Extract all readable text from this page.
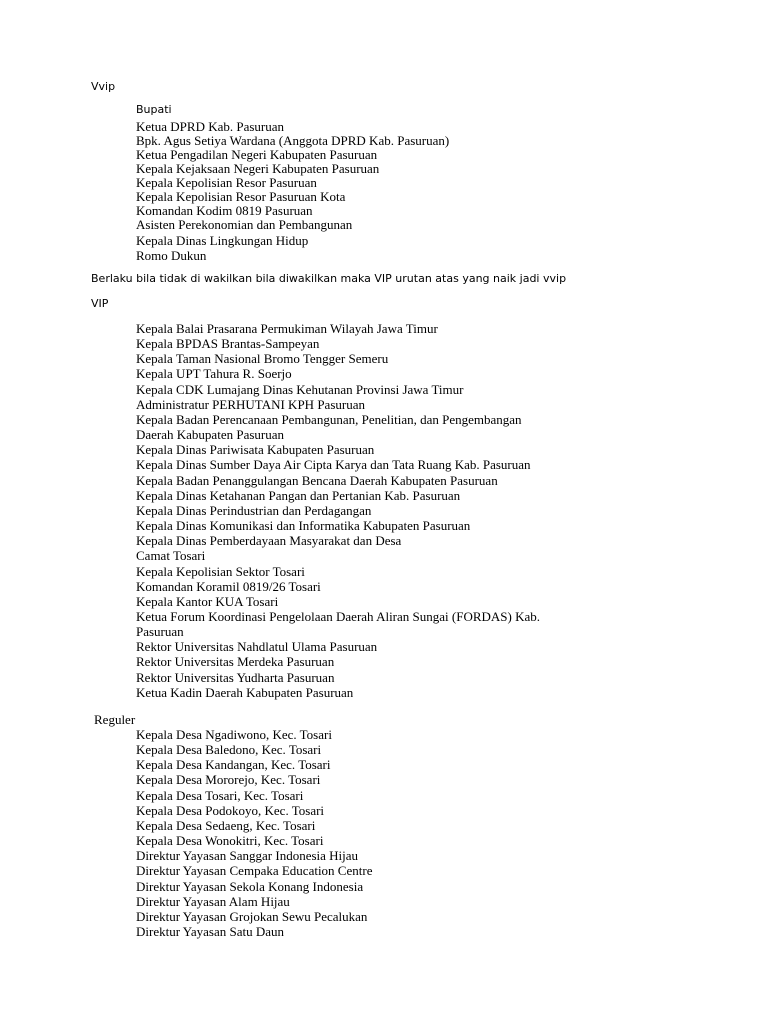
Vvip
Bupati
Ketua DPRD Kab. Pasuruan
Bpk. Agus Setiya Wardana (Anggota DPRD Kab. Pasuruan)
Ketua Pengadilan Negeri Kabupaten Pasuruan
Kepala Kejaksaan Negeri Kabupaten Pasuruan
Kepala Kepolisian Resor Pasuruan
Kepala Kepolisian Resor Pasuruan Kota
Komandan Kodim 0819 Pasuruan
Asisten Perekonomian dan Pembangunan
Kepala Dinas Lingkungan Hidup
Romo Dukun
Berlaku bila tidak di wakilkan bila diwakilkan maka VIP urutan atas yang naik jadi vvip
VIP
Kepala Balai Prasarana Permukiman Wilayah Jawa Timur
Kepala BPDAS Brantas-Sampeyan
Kepala Taman Nasional Bromo Tengger Semeru
Kepala UPT Tahura R. Soerjo
Kepala CDK Lumajang Dinas Kehutanan Provinsi Jawa Timur
Administratur PERHUTANI KPH Pasuruan
Kepala Badan Perencanaan Pembangunan, Penelitian, dan Pengembangan
Daerah Kabupaten Pasuruan
Kepala Dinas Pariwisata Kabupaten Pasuruan
Kepala Dinas Sumber Daya Air Cipta Karya dan Tata Ruang Kab. Pasuruan
Kepala Badan Penanggulangan Bencana Daerah Kabupaten Pasuruan
Kepala Dinas Ketahanan Pangan dan Pertanian Kab. Pasuruan
Kepala Dinas Perindustrian dan Perdagangan
Kepala Dinas Komunikasi dan Informatika Kabupaten Pasuruan
Kepala Dinas Pemberdayaan Masyarakat dan Desa
Camat Tosari
Kepala Kepolisian Sektor Tosari
Komandan Koramil 0819/26 Tosari
Kepala Kantor KUA Tosari
Ketua Forum Koordinasi Pengelolaan Daerah Aliran Sungai (FORDAS) Kab.
Pasuruan
Rektor Universitas Nahdlatul Ulama Pasuruan
Rektor Universitas Merdeka Pasuruan
Rektor Universitas Yudharta Pasuruan
Ketua Kadin Daerah Kabupaten Pasuruan
Reguler
Kepala Desa Ngadiwono, Kec. Tosari
Kepala Desa Baledono, Kec. Tosari
Kepala Desa Kandangan, Kec. Tosari
Kepala Desa Mororejo, Kec. Tosari
Kepala Desa Tosari, Kec. Tosari
Kepala Desa Podokoyo, Kec. Tosari
Kepala Desa Sedaeng, Kec. Tosari
Kepala Desa Wonokitri, Kec. Tosari
Direktur Yayasan Sanggar Indonesia Hijau
Direktur Yayasan Cempaka Education Centre
Direktur Yayasan Sekola Konang Indonesia
Direktur Yayasan Alam Hijau
Direktur Yayasan Grojokan Sewu Pecalukan
Direktur Yayasan Satu Daun
